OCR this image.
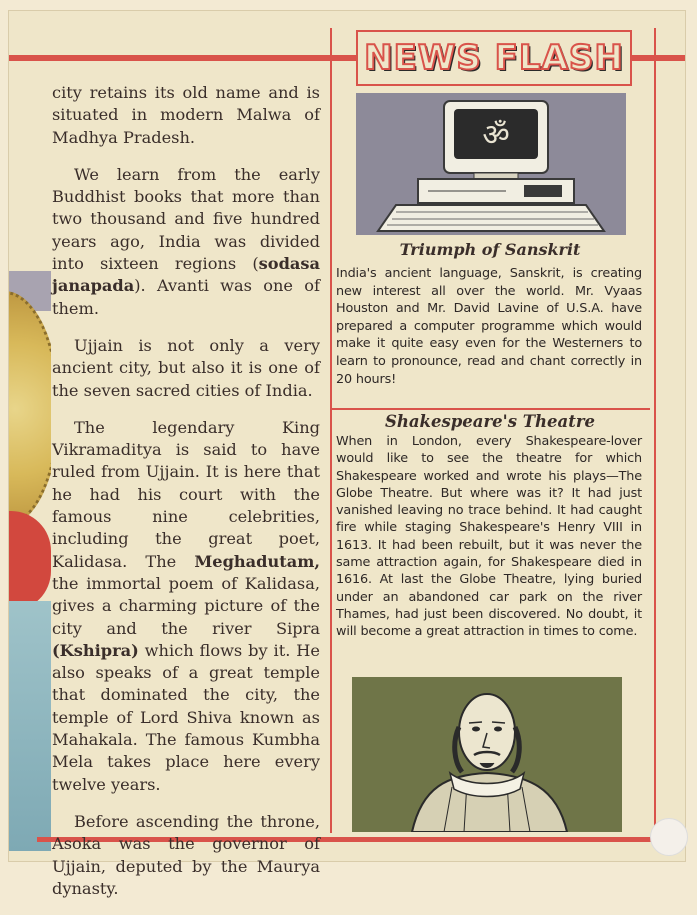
city retains its old name and is situated in modern Malwa of Madhya Pradesh.

We learn from the early Buddhist books that more than two thousand and five hundred years ago, India was divided into sixteen regions (sodasa janapada). Avanti was one of them.

Ujjain is not only a very ancient city, but also it is one of the seven sacred cities of India.

The legendary King Vikramaditya is said to have ruled from Ujjain. It is here that he had his court with the famous nine celebrities, including the great poet, Kalidasa. The Meghadutam, the immortal poem of Kalidasa, gives a charming picture of the city and the river Sipra (Kshipra) which flows by it. He also speaks of a great temple that dominated the city, the temple of Lord Shiva known as Mahakala. The famous Kumbha Mela takes place here every twelve years.

Before ascending the throne, Asoka was the governor of Ujjain, deputed by the Maurya dynasty.

NEWS FLASH
ॐ
Triumph of Sanskrit
India's ancient language, Sanskrit, is creating new interest all over the world. Mr. Vyaas Houston and Mr. David Lavine of U.S.A. have prepared a computer programme which would make it quite easy even for the Westerners to learn to pronounce, read and chant correctly in 20 hours!
Shakespeare's Theatre
When in London, every Shakespeare-lover would like to see the theatre for which Shakespeare worked and wrote his plays—The Globe Theatre. But where was it? It had just vanished leaving no trace behind. It had caught fire while staging Shakespeare's Henry VIII in 1613. It had been rebuilt, but it was never the same attraction again, for Shakespeare died in 1616. At last the Globe Theatre, lying buried under an abandoned car park on the river Thames, had just been discovered. No doubt, it will become a great attraction in times to come.
